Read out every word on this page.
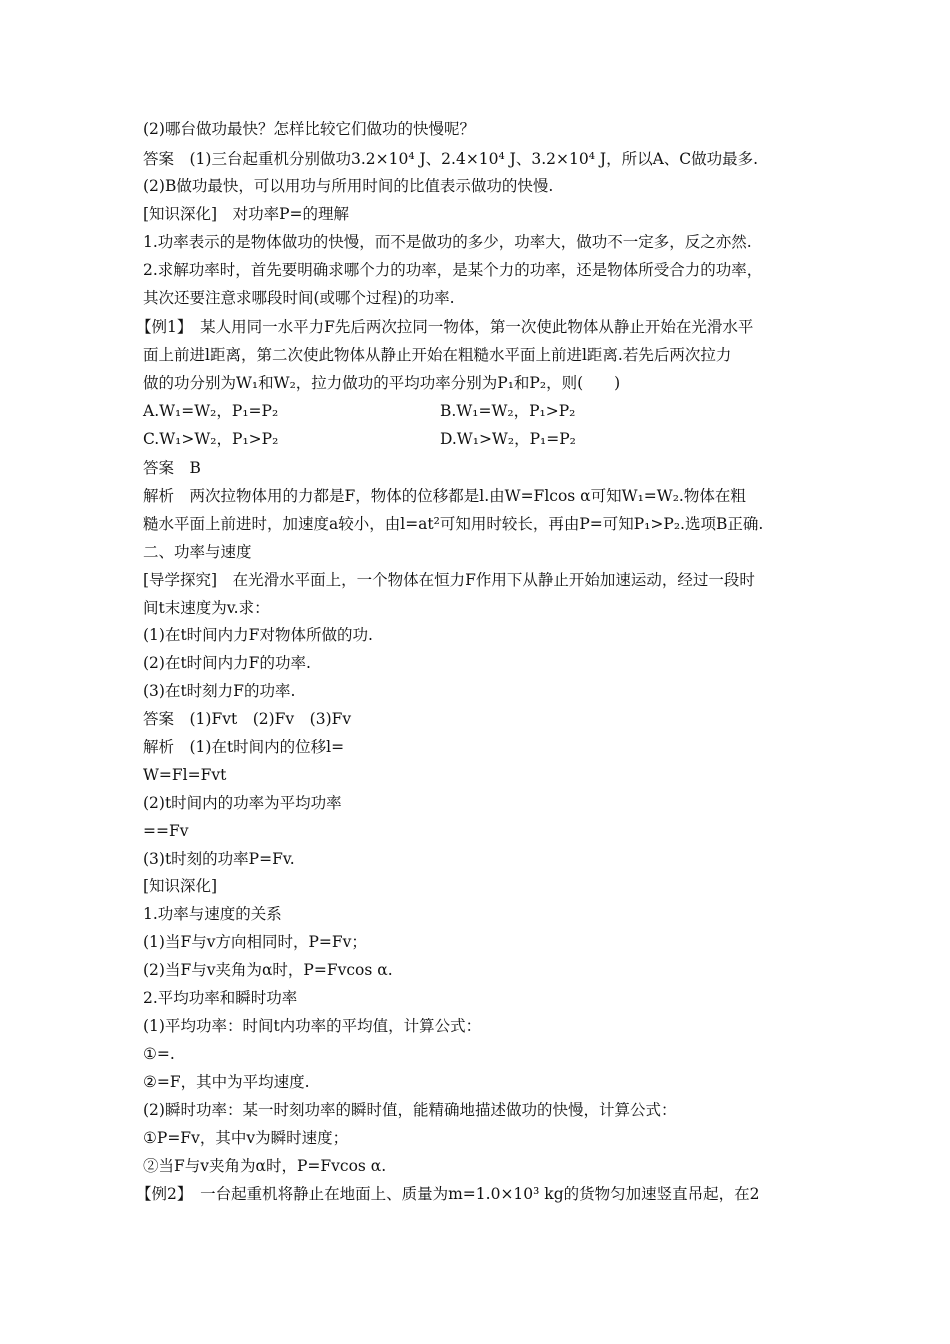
(2)哪台做功最快？怎样比较它们做功的快慢呢？
答案　(1)三台起重机分别做功3.2×10⁴ J、2.4×10⁴ J、3.2×10⁴ J，所以A、C做功最多.
(2)B做功最快，可以用功与所用时间的比值表示做功的快慢.
[知识深化]　对功率P=的理解
1.功率表示的是物体做功的快慢，而不是做功的多少，功率大，做功不一定多，反之亦然.
2.求解功率时，首先要明确求哪个力的功率，是某个力的功率，还是物体所受合力的功率，
其次还要注意求哪段时间(或哪个过程)的功率.
【例1】　某人用同一水平力F先后两次拉同一物体，第一次使此物体从静止开始在光滑水平
面上前进l距离，第二次使此物体从静止开始在粗糙水平面上前进l距离.若先后两次拉力
做的功分别为W₁和W₂，拉力做功的平均功率分别为P₁和P₂，则(　　)
A.W₁=W₂，P₁=P₂	B.W₁=W₂，P₁>P₂
C.W₁>W₂，P₁>P₂	D.W₁>W₂，P₁=P₂
答案　B
解析　两次拉物体用的力都是F，物体的位移都是l.由W=Flcos α可知W₁=W₂.物体在粗
糙水平面上前进时，加速度a较小，由l=at²可知用时较长，再由P=可知P₁>P₂.选项B正确.
二、功率与速度
[导学探究]　在光滑水平面上，一个物体在恒力F作用下从静止开始加速运动，经过一段时
间t末速度为v.求：
(1)在t时间内力F对物体所做的功.
(2)在t时间内力F的功率.
(3)在t时刻力F的功率.
答案　(1)Fvt　(2)Fv　(3)Fv
解析　(1)在t时间内的位移l=
W=Fl=Fvt
(2)t时间内的功率为平均功率
==Fv
(3)t时刻的功率P=Fv.
[知识深化]
1.功率与速度的关系
(1)当F与v方向相同时，P=Fv；
(2)当F与v夹角为α时，P=Fvcos α.
2.平均功率和瞬时功率
(1)平均功率：时间t内功率的平均值，计算公式：
①=.
②=F，其中为平均速度.
(2)瞬时功率：某一时刻功率的瞬时值，能精确地描述做功的快慢，计算公式：
①P=Fv，其中v为瞬时速度；
②当F与v夹角为α时，P=Fvcos α.
【例2】　一台起重机将静止在地面上、质量为m=1.0×10³ kg的货物匀加速竖直吊起，在2
